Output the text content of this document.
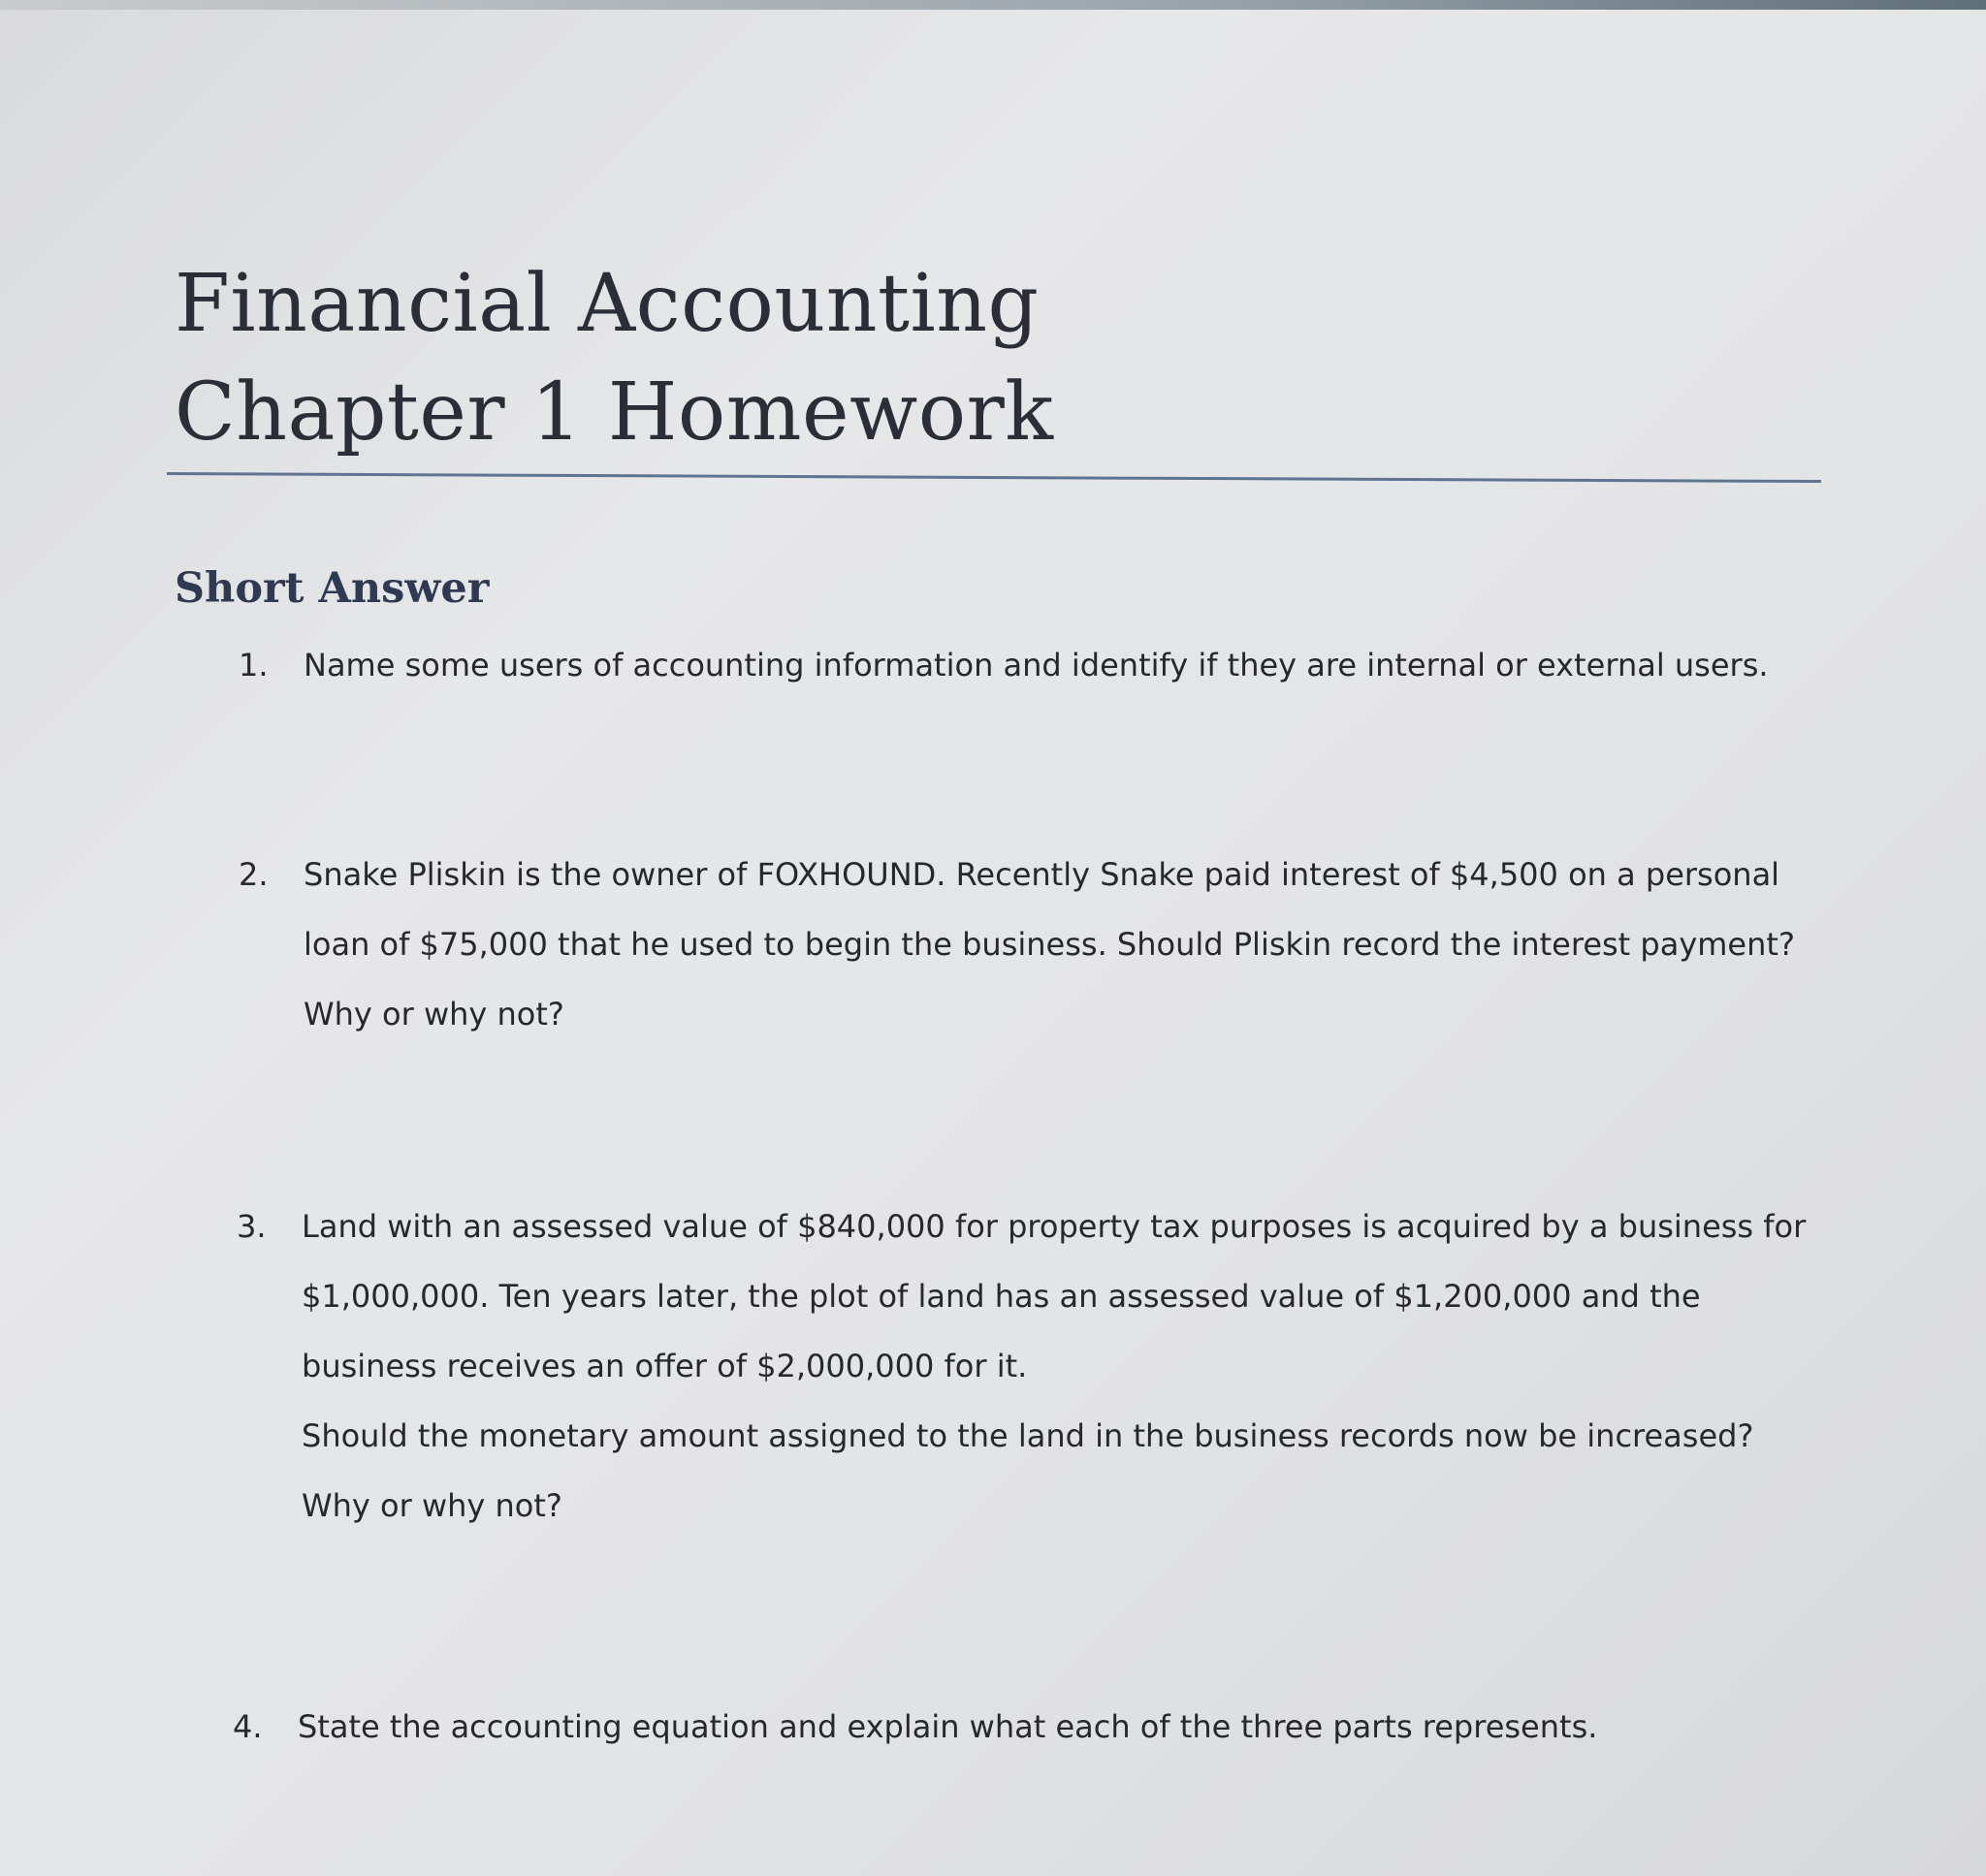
Financial Accounting
Chapter 1 Homework
Short Answer
1.	Name some users of accounting information and identify if they are internal or external users.
2.	Snake Pliskin is the owner of FOXHOUND. Recently Snake paid interest of $4,500 on a personal
loan of $75,000 that he used to begin the business. Should Pliskin record the interest payment?
Why or why not?
3.	Land with an assessed value of $840,000 for property tax purposes is acquired by a business for
$1,000,000. Ten years later, the plot of land has an assessed value of $1,200,000 and the
business receives an offer of $2,000,000 for it.
Should the monetary amount assigned to the land in the business records now be increased?
Why or why not?
4.	State the accounting equation and explain what each of the three parts represents.
